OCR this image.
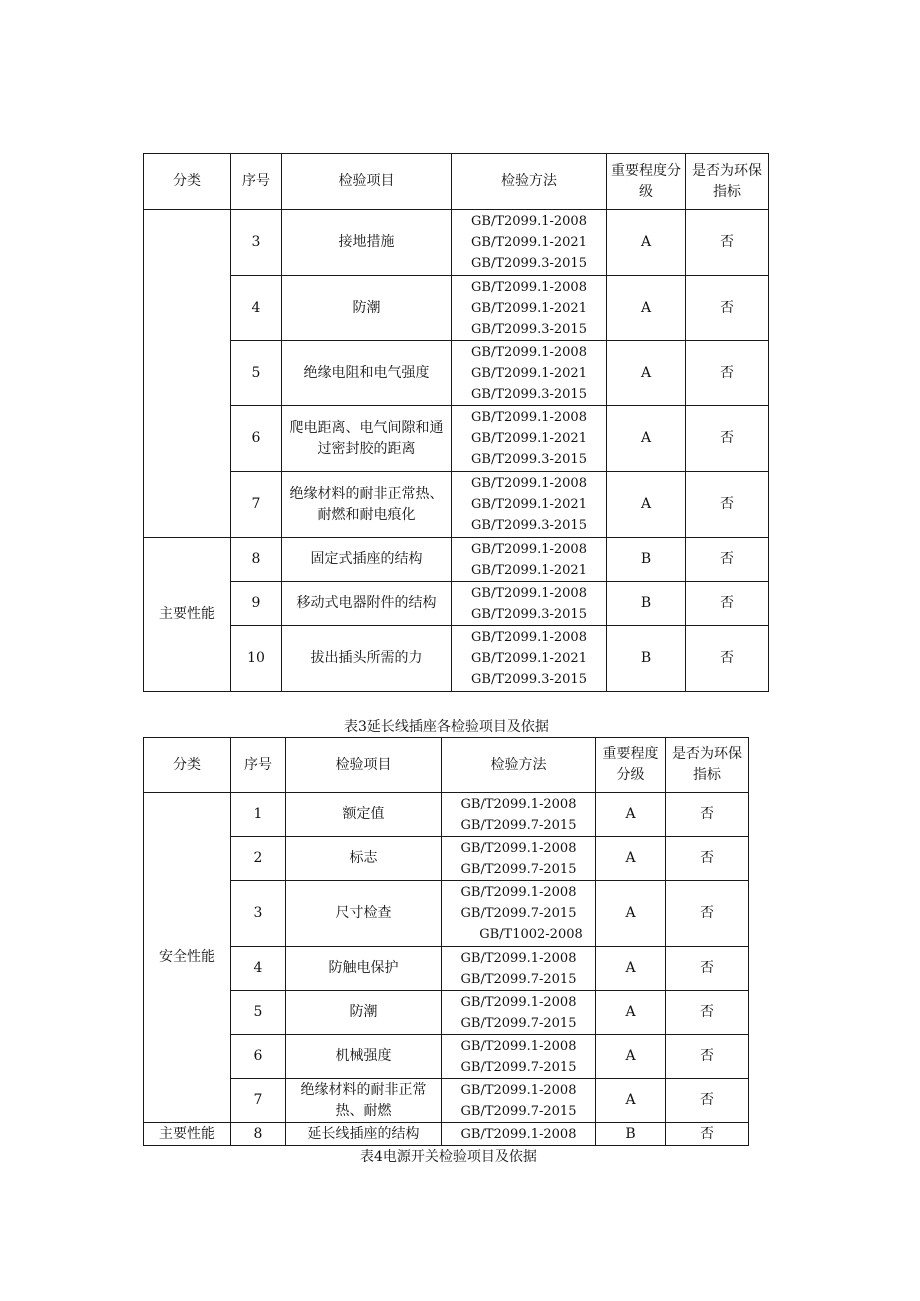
分类	序号	检验项目	检验方法	重要程度分级	是否为环保指标
	3	接地措施	GB/T2099.1-2008
GB/T2099.1-2021
GB/T2099.3-2015	A	否
	4	防潮	GB/T2099.1-2008
GB/T2099.1-2021
GB/T2099.3-2015	A	否
	5	绝缘电阻和电气强度	GB/T2099.1-2008
GB/T2099.1-2021
GB/T2099.3-2015	A	否
	6	爬电距离、电气间隙和通过密封胶的距离	GB/T2099.1-2008
GB/T2099.1-2021
GB/T2099.3-2015	A	否
	7	绝缘材料的耐非正常热、耐燃和耐电痕化	GB/T2099.1-2008
GB/T2099.1-2021
GB/T2099.3-2015	A	否
主要性能	8	固定式插座的结构	GB/T2099.1-2008
GB/T2099.1-2021	B	否
	9	移动式电器附件的结构	GB/T2099.1-2008
GB/T2099.3-2015	B	否
	10	拔出插头所需的力	GB/T2099.1-2008
GB/T2099.1-2021
GB/T2099.3-2015	B	否
表3延长线插座各检验项目及依据
分类	序号	检验项目	检验方法	重要程度分级	是否为环保指标
安全性能	1	额定值	GB/T2099.1-2008
GB/T2099.7-2015	A	否
	2	标志	GB/T2099.1-2008
GB/T2099.7-2015	A	否
	3	尺寸检查	GB/T2099.1-2008
GB/T2099.7-2015
GB/T1002-2008	A	否
	4	防触电保护	GB/T2099.1-2008
GB/T2099.7-2015	A	否
	5	防潮	GB/T2099.1-2008
GB/T2099.7-2015	A	否
	6	机械强度	GB/T2099.1-2008
GB/T2099.7-2015	A	否
	7	绝缘材料的耐非正常热、耐燃	GB/T2099.1-2008
GB/T2099.7-2015	A	否
主要性能	8	延长线插座的结构	GB/T2099.1-2008	B	否
表4电源开关检验项目及依据
